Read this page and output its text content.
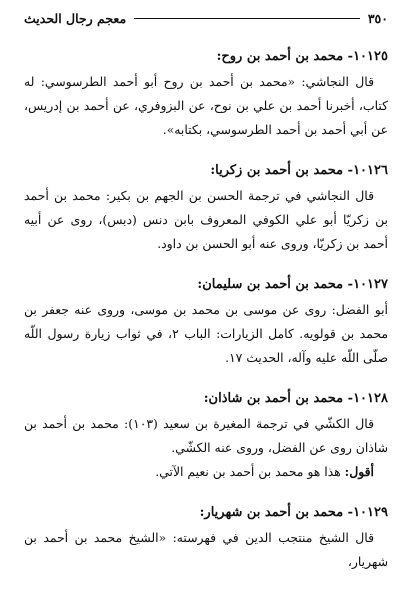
٣٥٠
معجم رجال الحديث

١٠١٢٥- محمد بن أحمد بن روح:

قال النجاشي: «محمد بن أحمد بن روح أبو أحمد الطرسوسي: له كتاب، أخبرنا أحمد بن علي بن نوح، عن البزوفري، عن أحمد بن إدريس، عن أبي أحمد بن أحمد الطرسوسي، بكتابه».

١٠١٢٦- محمد بن أحمد بن زكريا:

قال النجاشي في ترجمة الحسن بن الجهم بن بكير: محمد بن أحمد بن زكريّا أبو علي الكوفي المعروف بابن دنس (دبس)، روى عن أبيه أحمد بن زكريّا، وروى عنه أبو الحسن بن داود.

١٠١٢٧- محمد بن أحمد بن سليمان:

أبو الفضل: روى عن موسى بن محمد بن موسى، وروى عنه جعفر بن محمد بن قولويه. كامل الزيارات: الباب ٢، في ثواب زيارة رسول اللّه صلّى اللّه عليه وآله، الحديث ١٧.

١٠١٢٨- محمد بن أحمد بن شاذان:

قال الكشّي في ترجمة المغيرة بن سعيد (١٠٣): محمد بن أحمد بن شاذان روى عن الفضل، وروى عنه الكشّي.

أقول: هذا هو محمد بن أحمد بن نعيم الآتي.

١٠١٢٩- محمد بن أحمد بن شهريار:

قال الشيخ منتجب الدين في فهرسته: «الشيخ محمد بن أحمد بن شهريار،
